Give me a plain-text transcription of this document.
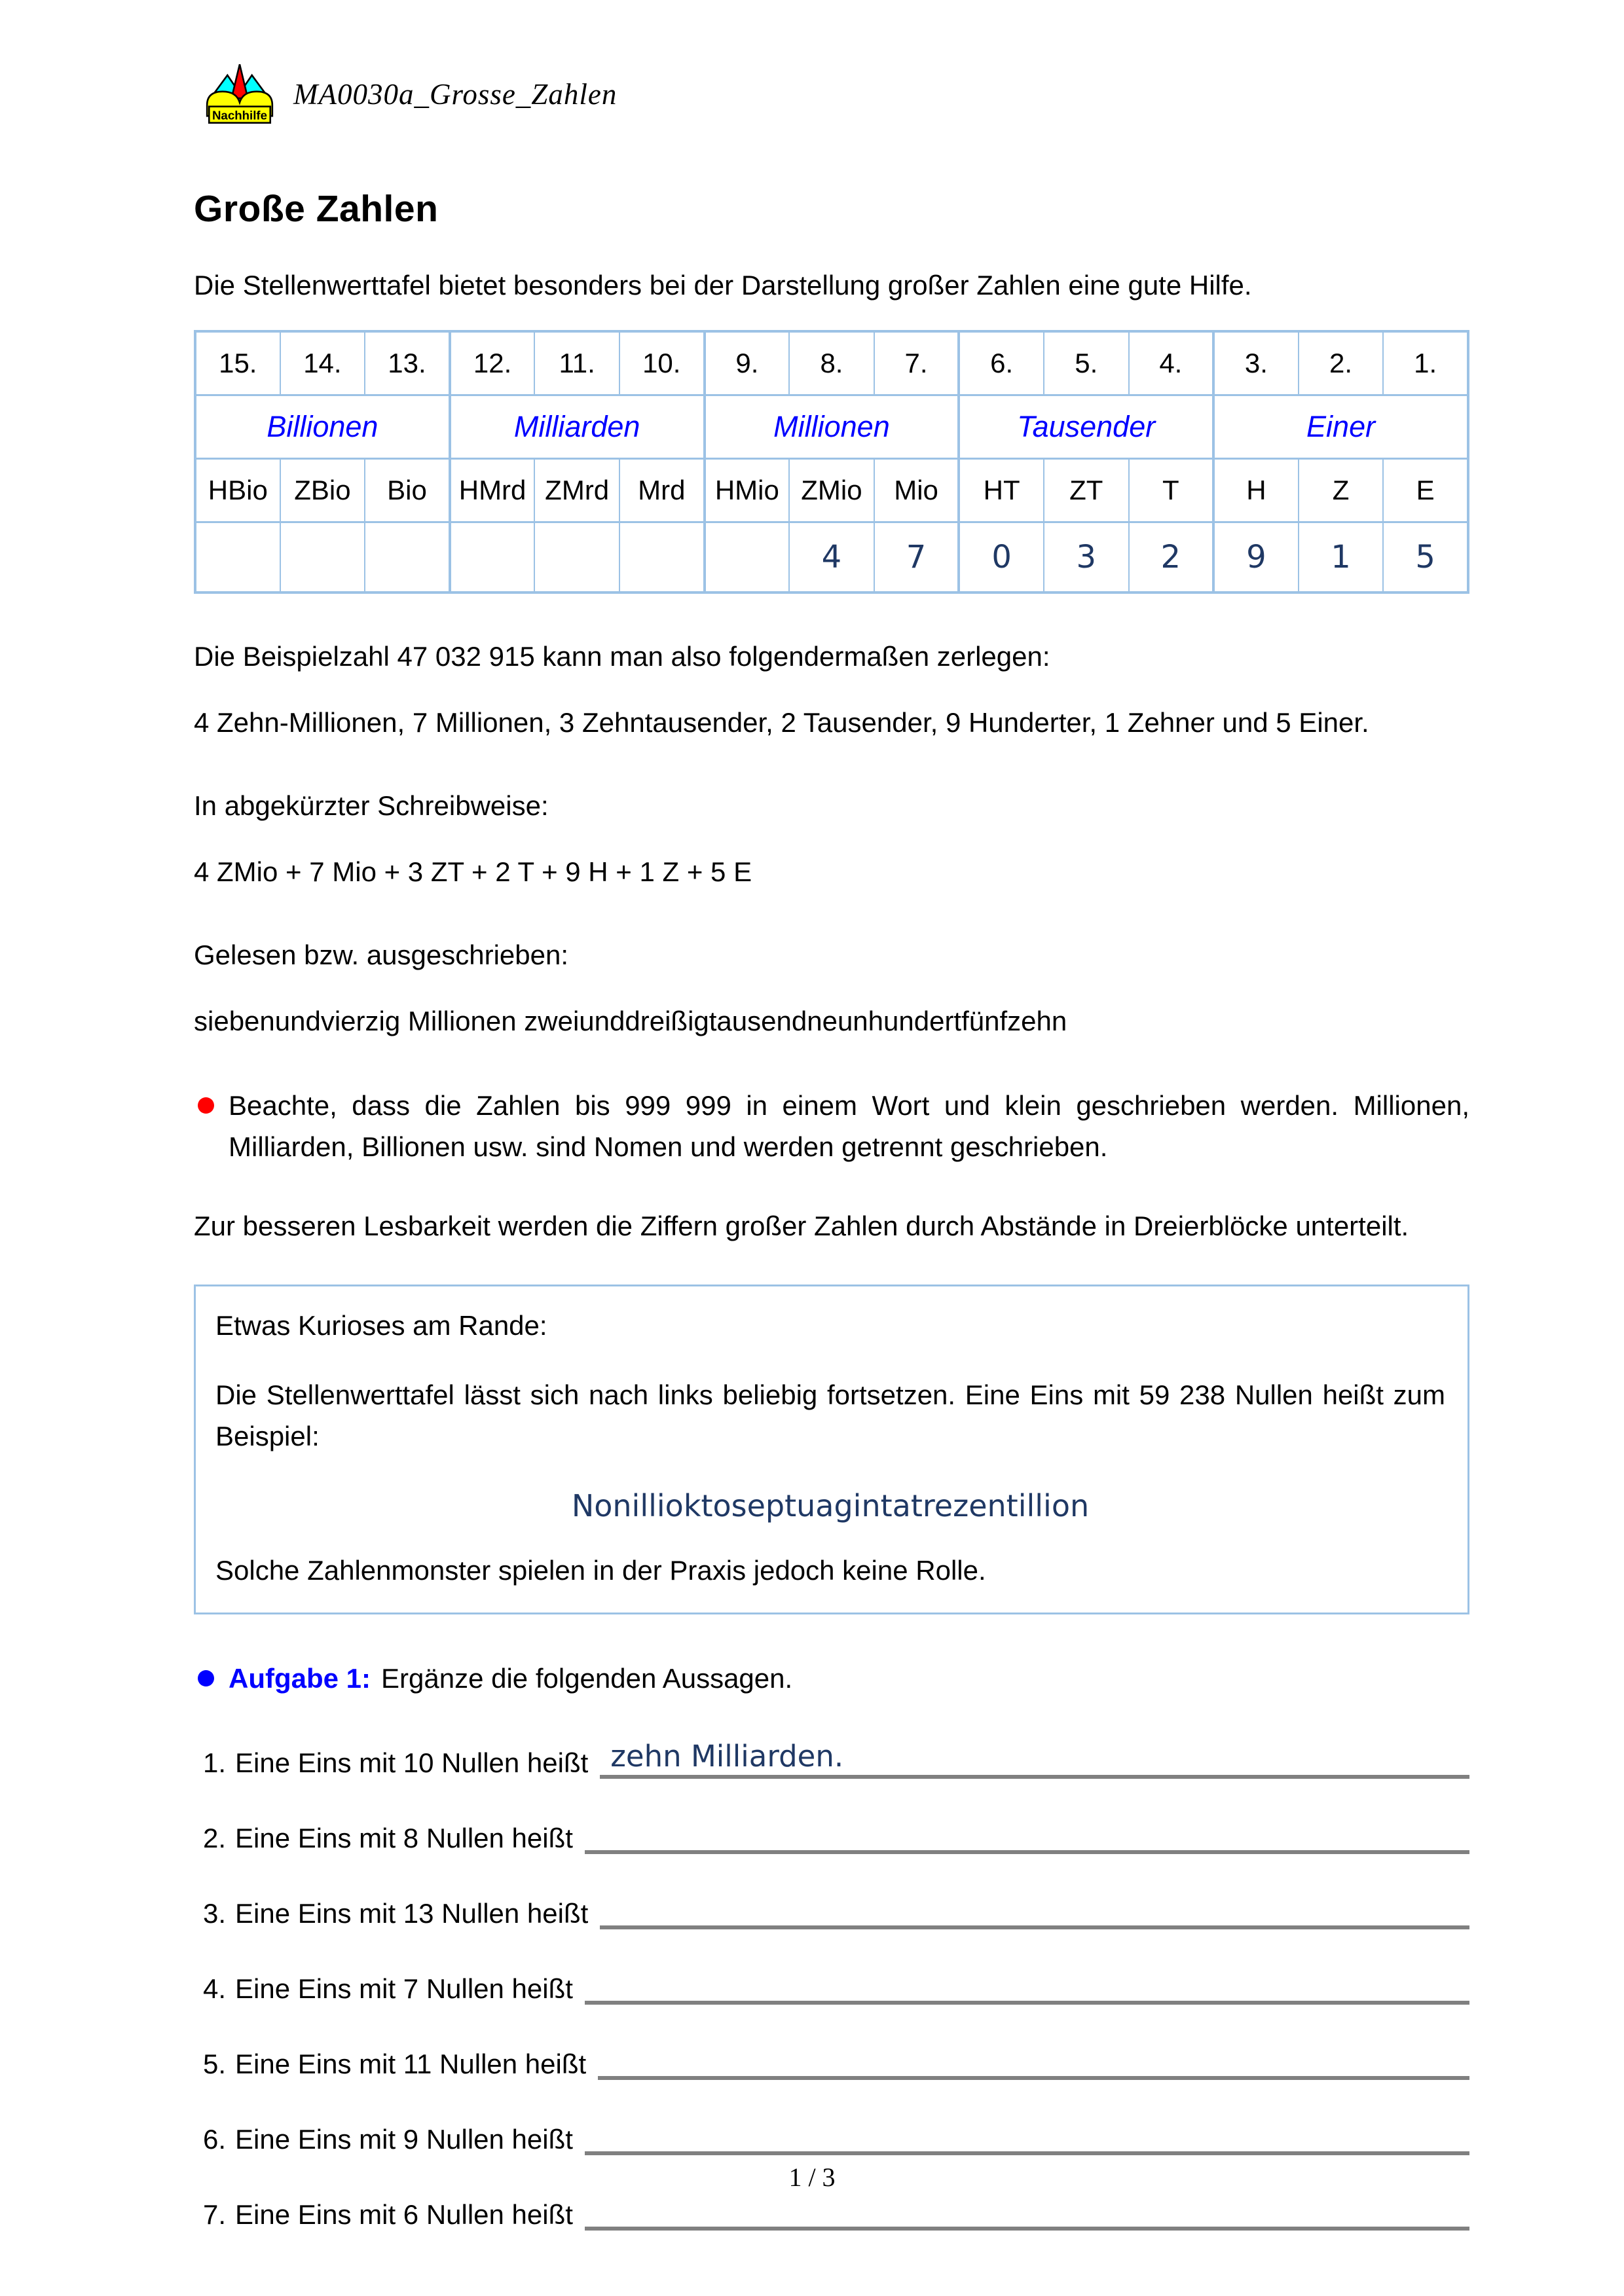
Nachhilfe
MA0030a_Grosse_Zahlen
Große Zahlen

Die Stellenwerttafel bietet besonders bei der Darstellung großer Zahlen eine gute Hilfe.

15.	14.	13.	12.	11.	10.	9.	8.	7.	6.	5.	4.	3.	2.	1.
Billionen			Milliarden			Millionen			Tausender			Einer		
HBio	ZBio	Bio	HMrd	ZMrd	Mrd	HMio	ZMio	Mio	HT	ZT	T	H	Z	E
							4	7	0	3	2	9	1	5

Die Beispielzahl 47 032 915 kann man also folgendermaßen zerlegen:

4 Zehn-Millionen, 7 Millionen, 3 Zehntausender, 2 Tausender, 9 Hunderter, 1 Zehner und 5 Einer.

In abgekürzter Schreibweise:

4 ZMio + 7 Mio + 3 ZT + 2 T + 9 H + 1 Z + 5 E

Gelesen bzw. ausgeschrieben:

siebenundvierzig Millionen zweiunddreißigtausendneunhundertfünfzehn

Beachte, dass die Zahlen bis 999 999 in einem Wort und klein geschrieben werden. Millionen, Milliarden, Billionen usw. sind Nomen und werden getrennt geschrieben.

Zur besseren Lesbarkeit werden die Ziffern großer Zahlen durch Abstände in Dreierblöcke unterteilt.

Etwas Kurioses am Rande:

Die Stellenwerttafel lässt sich nach links beliebig fortsetzen. Eine Eins mit 59 238 Nullen heißt zum Beispiel:

Nonillioktoseptuagintatrezentillion

Solche Zahlenmonster spielen in der Praxis jedoch keine Rolle.

Aufgabe 1: Ergänze die folgenden Aussagen.
1. Eine Eins mit 10 Nullen heißt zehn Milliarden.
2. Eine Eins mit 8 Nullen heißt
3. Eine Eins mit 13 Nullen heißt
4. Eine Eins mit 7 Nullen heißt
5. Eine Eins mit 11 Nullen heißt
6. Eine Eins mit 9 Nullen heißt
7. Eine Eins mit 6 Nullen heißt
1 / 3
